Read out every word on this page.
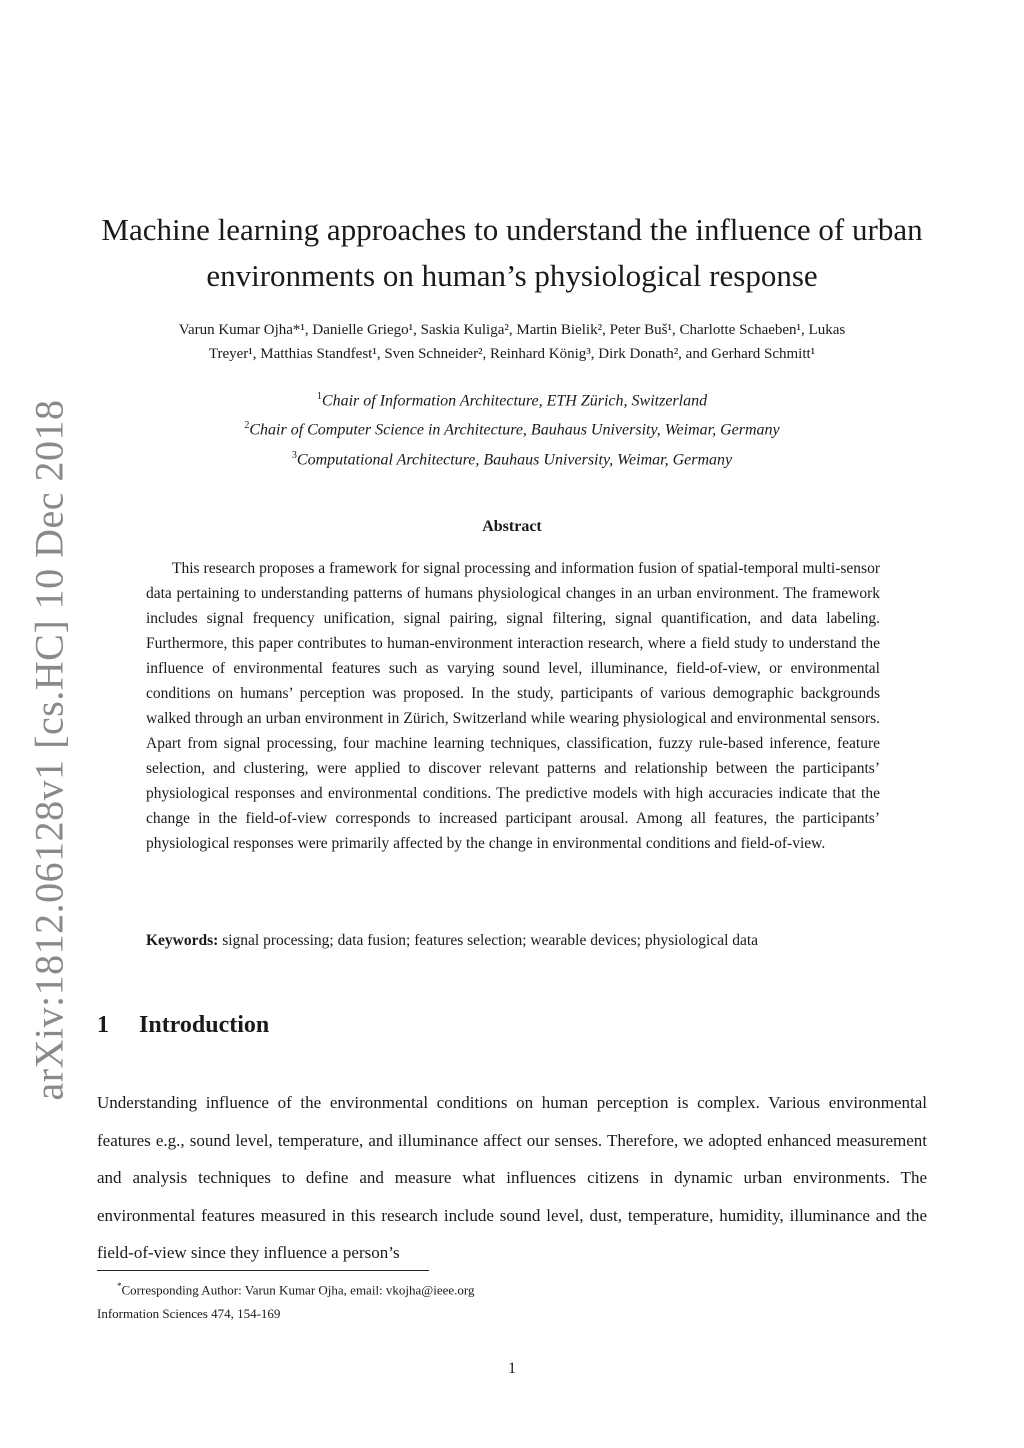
arXiv:1812.06128v1 [cs.HC] 10 Dec 2018
Machine learning approaches to understand the influence of urban environments on human’s physiological response
Varun Kumar Ojha*¹, Danielle Griego¹, Saskia Kuliga², Martin Bielik², Peter Buš¹, Charlotte Schaeben¹, Lukas
Treyer¹, Matthias Standfest¹, Sven Schneider², Reinhard König³, Dirk Donath², and Gerhard Schmitt¹
$^1$Chair of Information Architecture, ETH Zürich, Switzerland
$^2$Chair of Computer Science in Architecture, Bauhaus University, Weimar, Germany
$^3$Computational Architecture, Bauhaus University, Weimar, Germany
Abstract

This research proposes a framework for signal processing and information fusion of spatial-temporal multi-sensor data pertaining to understanding patterns of humans physiological changes in an urban environment. The framework includes signal frequency unification, signal pairing, signal filtering, signal quantification, and data labeling. Furthermore, this paper contributes to human-environment interaction research, where a field study to understand the influence of environmental features such as varying sound level, illuminance, field-of-view, or environmental conditions on humans’ perception was proposed. In the study, participants of various demographic backgrounds walked through an urban environment in Zürich, Switzerland while wearing physiological and environmental sensors. Apart from signal processing, four machine learning techniques, classification, fuzzy rule-based inference, feature selection, and clustering, were applied to discover relevant patterns and relationship between the participants’ physiological responses and environmental conditions. The predictive models with high accuracies indicate that the change in the field-of-view corresponds to increased participant arousal. Among all features, the participants’ physiological responses were primarily affected by the change in environmental conditions and field-of-view.

Keywords: signal processing; data fusion; features selection; wearable devices; physiological data

1 Introduction

Understanding influence of the environmental conditions on human perception is complex. Various environmental features e.g., sound level, temperature, and illuminance affect our senses. Therefore, we adopted enhanced measurement and analysis techniques to define and measure what influences citizens in dynamic urban environments. The environmental features measured in this research include sound level, dust, temperature, humidity, illuminance and the field-of-view since they influence a person’s

*Corresponding Author: Varun Kumar Ojha, email: vkojha@ieee.org
Information Sciences 474, 154-169
1
